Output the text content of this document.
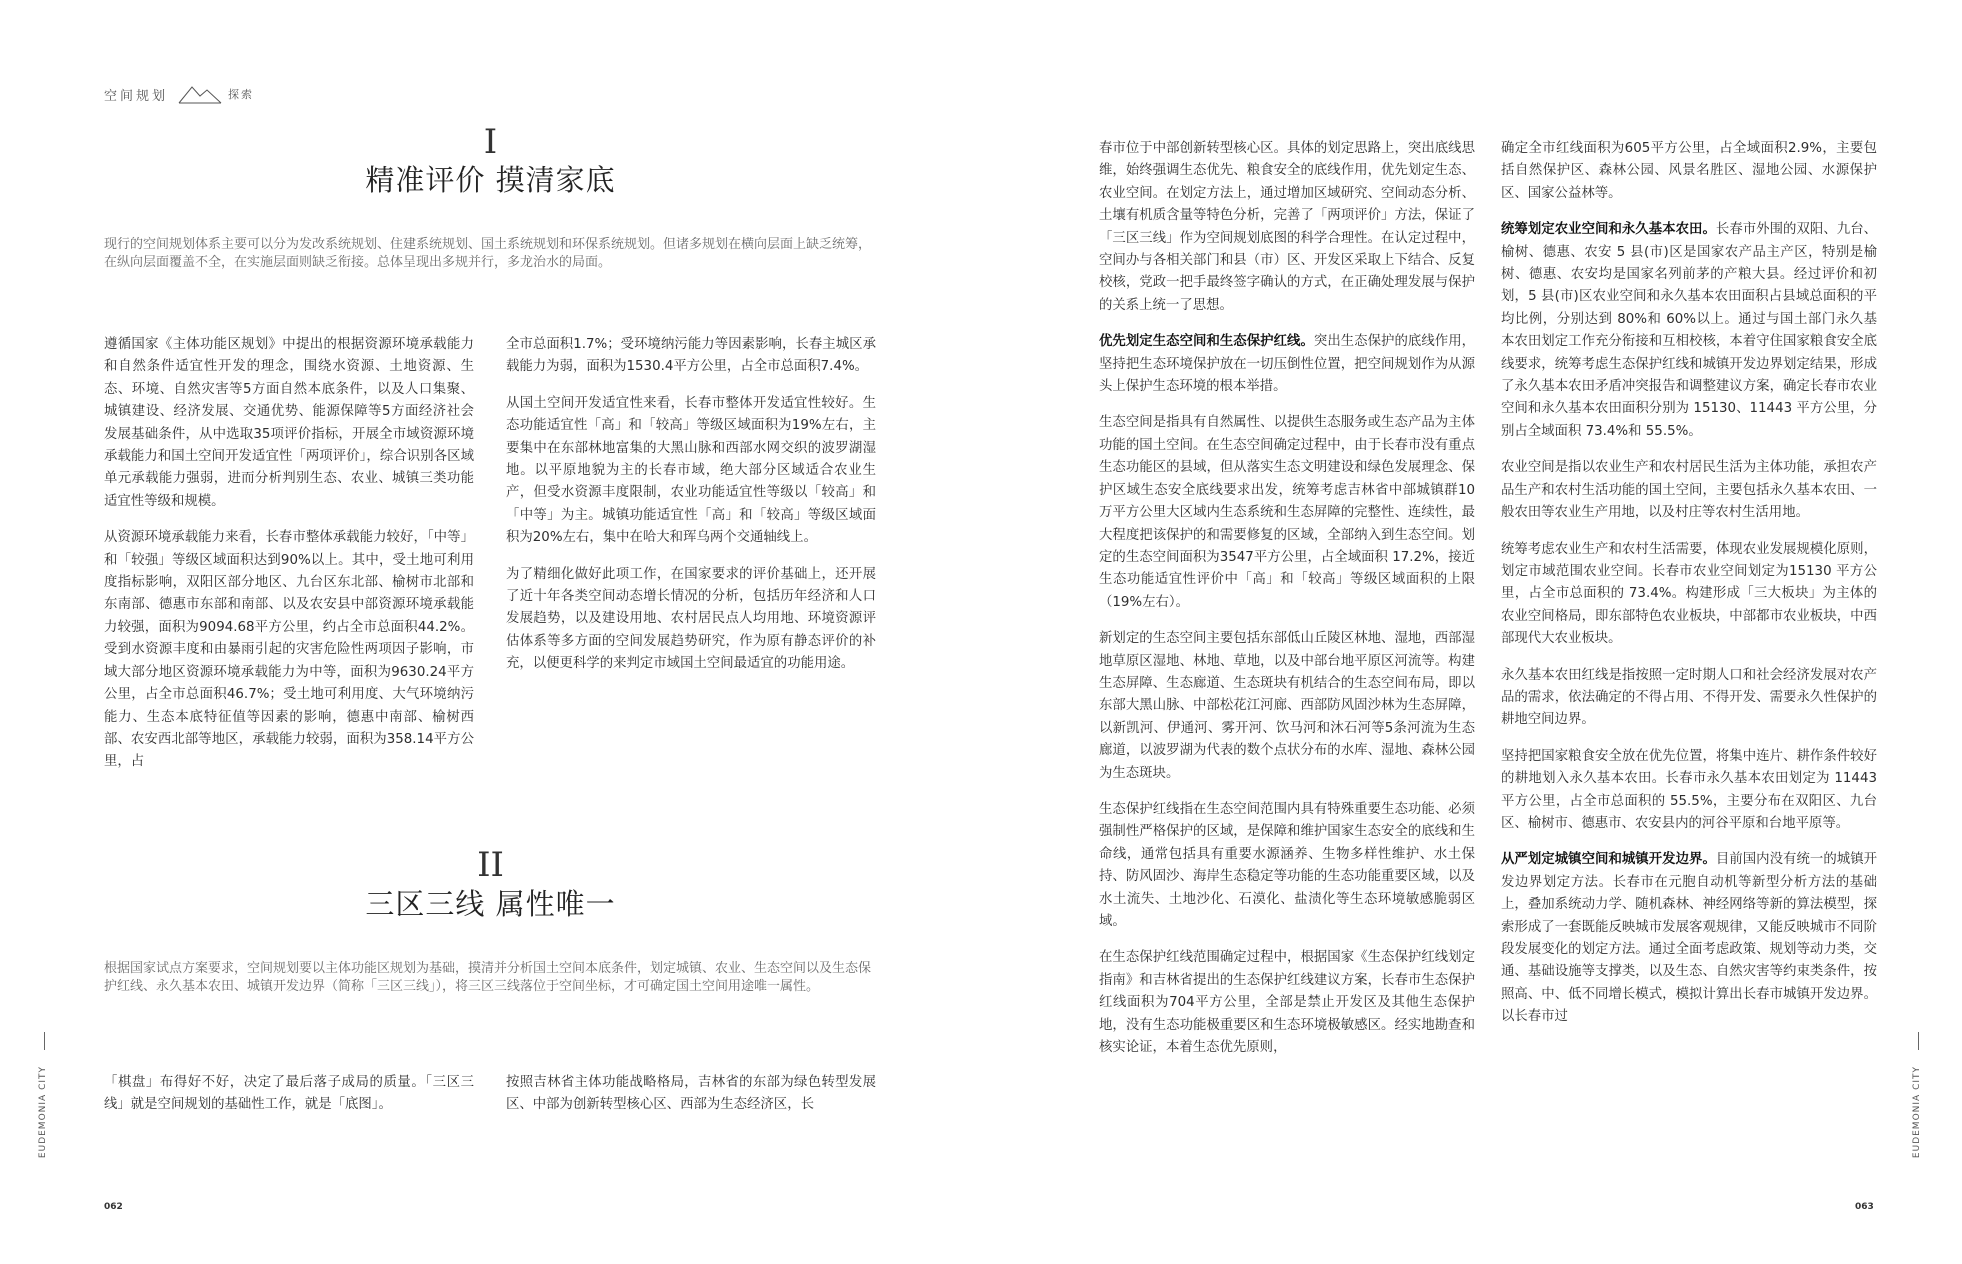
空间规划	探索
I
精准评价 摸清家底
现行的空间规划体系主要可以分为发改系统规划、住建系统规划、国土系统规划和环保系统规划。但诸多规划在横向层面上缺乏统筹，在纵向层面覆盖不全，在实施层面则缺乏衔接。总体呈现出多规并行，多龙治水的局面。

遵循国家《主体功能区规划》中提出的根据资源环境承载能力和自然条件适宜性开发的理念，围绕水资源、土地资源、生态、环境、自然灾害等5方面自然本底条件，以及人口集聚、城镇建设、经济发展、交通优势、能源保障等5方面经济社会发展基础条件，从中选取35项评价指标，开展全市域资源环境承载能力和国土空间开发适宜性「两项评价」，综合识别各区域单元承载能力强弱，进而分析判别生态、农业、城镇三类功能适宜性等级和规模。

从资源环境承载能力来看，长春市整体承载能力较好，「中等」和「较强」等级区域面积达到90%以上。其中，受土地可利用度指标影响，双阳区部分地区、九台区东北部、榆树市北部和东南部、德惠市东部和南部、以及农安县中部资源环境承载能力较强，面积为9094.68平方公里，约占全市总面积44.2%。受到水资源丰度和由暴雨引起的灾害危险性两项因子影响，市域大部分地区资源环境承载能力为中等，面积为9630.24平方公里，占全市总面积46.7%；受土地可利用度、大气环境纳污能力、生态本底特征值等因素的影响，德惠中南部、榆树西部、农安西北部等地区，承载能力较弱，面积为358.14平方公里，占

全市总面积1.7%；受环境纳污能力等因素影响，长春主城区承载能力为弱，面积为1530.4平方公里，占全市总面积7.4%。

从国土空间开发适宜性来看，长春市整体开发适宜性较好。生态功能适宜性「高」和「较高」等级区域面积为19%左右，主要集中在东部林地富集的大黑山脉和西部水网交织的波罗湖湿地。以平原地貌为主的长春市域，绝大部分区域适合农业生产，但受水资源丰度限制，农业功能适宜性等级以「较高」和「中等」为主。城镇功能适宜性「高」和「较高」等级区域面积为20%左右，集中在哈大和珲乌两个交通轴线上。

为了精细化做好此项工作，在国家要求的评价基础上，还开展了近十年各类空间动态增长情况的分析，包括历年经济和人口发展趋势，以及建设用地、农村居民点人均用地、环境资源评估体系等多方面的空间发展趋势研究，作为原有静态评价的补充，以便更科学的来判定市域国土空间最适宜的功能用途。

II
三区三线 属性唯一
根据国家试点方案要求，空间规划要以主体功能区规划为基础，摸清并分析国土空间本底条件，划定城镇、农业、生态空间以及生态保护红线、永久基本农田、城镇开发边界（简称「三区三线」），将三区三线落位于空间坐标，才可确定国土空间用途唯一属性。

「棋盘」布得好不好，决定了最后落子成局的质量。「三区三线」就是空间规划的基础性工作，就是「底图」。

按照吉林省主体功能战略格局，吉林省的东部为绿色转型发展区、中部为创新转型核心区、西部为生态经济区，长

EUDEMONIA CITY
062

春市位于中部创新转型核心区。具体的划定思路上，突出底线思维，始终强调生态优先、粮食安全的底线作用，优先划定生态、农业空间。在划定方法上，通过增加区域研究、空间动态分析、土壤有机质含量等特色分析，完善了「两项评价」方法，保证了「三区三线」作为空间规划底图的科学合理性。在认定过程中，空间办与各相关部门和县（市）区、开发区采取上下结合、反复校核，党政一把手最终签字确认的方式，在正确处理发展与保护的关系上统一了思想。

优先划定生态空间和生态保护红线。突出生态保护的底线作用，坚持把生态环境保护放在一切压倒性位置，把空间规划作为从源头上保护生态环境的根本举措。

生态空间是指具有自然属性、以提供生态服务或生态产品为主体功能的国土空间。在生态空间确定过程中，由于长春市没有重点生态功能区的县域，但从落实生态文明建设和绿色发展理念、保护区域生态安全底线要求出发，统筹考虑吉林省中部城镇群10万平方公里大区域内生态系统和生态屏障的完整性、连续性，最大程度把该保护的和需要修复的区域，全部纳入到生态空间。划定的生态空间面积为3547平方公里，占全域面积 17.2%，接近生态功能适宜性评价中「高」和「较高」等级区域面积的上限（19%左右）。

新划定的生态空间主要包括东部低山丘陵区林地、湿地，西部湿地草原区湿地、林地、草地，以及中部台地平原区河流等。构建生态屏障、生态廊道、生态斑块有机结合的生态空间布局，即以东部大黑山脉、中部松花江河廊、西部防风固沙林为生态屏障，以新凯河、伊通河、雾开河、饮马河和沐石河等5条河流为生态廊道，以波罗湖为代表的数个点状分布的水库、湿地、森林公园为生态斑块。

生态保护红线指在生态空间范围内具有特殊重要生态功能、必须强制性严格保护的区域，是保障和维护国家生态安全的底线和生命线，通常包括具有重要水源涵养、生物多样性维护、水土保持、防风固沙、海岸生态稳定等功能的生态功能重要区域，以及水土流失、土地沙化、石漠化、盐渍化等生态环境敏感脆弱区域。

在生态保护红线范围确定过程中，根据国家《生态保护红线划定指南》和吉林省提出的生态保护红线建议方案，长春市生态保护红线面积为704平方公里，全部是禁止开发区及其他生态保护地，没有生态功能极重要区和生态环境极敏感区。经实地勘查和核实论证，本着生态优先原则，

确定全市红线面积为605平方公里，占全域面积2.9%，主要包括自然保护区、森林公园、风景名胜区、湿地公园、水源保护区、国家公益林等。

统筹划定农业空间和永久基本农田。长春市外围的双阳、九台、榆树、德惠、农安 5 县(市)区是国家农产品主产区，特别是榆树、德惠、农安均是国家名列前茅的产粮大县。经过评价和初划，5 县(市)区农业空间和永久基本农田面积占县域总面积的平均比例，分别达到 80%和 60%以上。通过与国土部门永久基本农田划定工作充分衔接和互相校核，本着守住国家粮食安全底线要求，统筹考虑生态保护红线和城镇开发边界划定结果，形成了永久基本农田矛盾冲突报告和调整建议方案，确定长春市农业空间和永久基本农田面积分别为 15130、11443 平方公里，分别占全域面积 73.4%和 55.5%。

农业空间是指以农业生产和农村居民生活为主体功能，承担农产品生产和农村生活功能的国土空间，主要包括永久基本农田、一般农田等农业生产用地，以及村庄等农村生活用地。

统筹考虑农业生产和农村生活需要，体现农业发展规模化原则，划定市域范围农业空间。长春市农业空间划定为15130 平方公里，占全市总面积的 73.4%。构建形成「三大板块」为主体的农业空间格局，即东部特色农业板块，中部都市农业板块，中西部现代大农业板块。

永久基本农田红线是指按照一定时期人口和社会经济发展对农产品的需求，依法确定的不得占用、不得开发、需要永久性保护的耕地空间边界。

坚持把国家粮食安全放在优先位置，将集中连片、耕作条件较好的耕地划入永久基本农田。长春市永久基本农田划定为 11443 平方公里，占全市总面积的 55.5%，主要分布在双阳区、九台区、榆树市、德惠市、农安县内的河谷平原和台地平原等。

从严划定城镇空间和城镇开发边界。目前国内没有统一的城镇开发边界划定方法。长春市在元胞自动机等新型分析方法的基础上，叠加系统动力学、随机森林、神经网络等新的算法模型，探索形成了一套既能反映城市发展客观规律，又能反映城市不同阶段发展变化的划定方法。通过全面考虑政策、规划等动力类，交通、基础设施等支撑类，以及生态、自然灾害等约束类条件，按照高、中、低不同增长模式，模拟计算出长春市城镇开发边界。以长春市过

EUDEMONIA CITY
063
